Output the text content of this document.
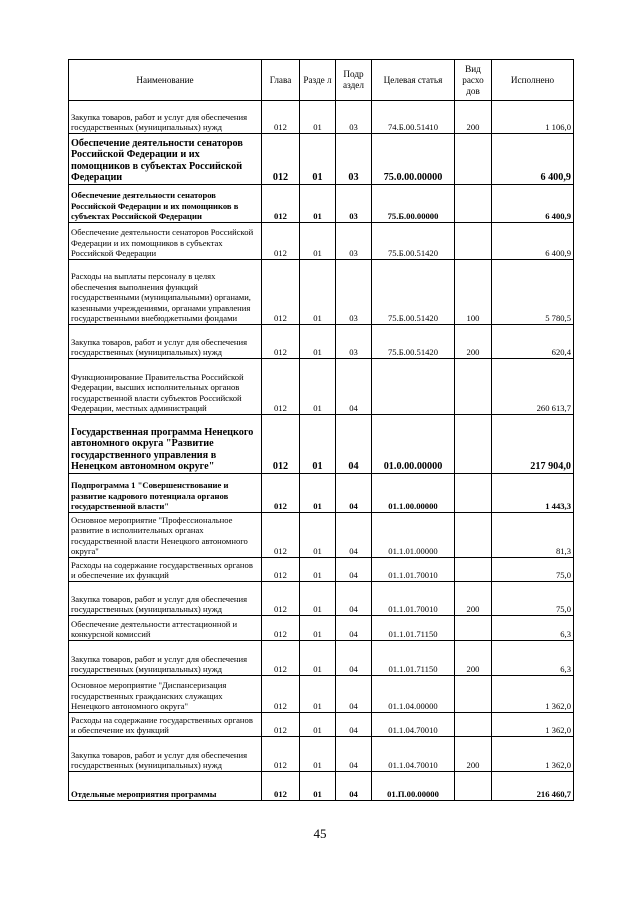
Наименование	Глава	Разде л	Подр аздел	Целевая статья	Вид расхо дов	Исполнено
Закупка товаров, работ и услуг для обеспечения государственных (муниципальных) нужд	012	01	03	74.Б.00.51410	200	1 106,0
Обеспечение деятельности сенаторов Российской Федерации и их помощников в субъектах Российской Федерации	012	01	03	75.0.00.00000		6 400,9
Обеспечение деятельности сенаторов Российской Федерации и их помощников в субъектах Российской Федерации	012	01	03	75.Б.00.00000		6 400,9
Обеспечение деятельности сенаторов Российской Федерации и их помощников в субъектах Российской Федерации	012	01	03	75.Б.00.51420		6 400,9
Расходы на выплаты персоналу в целях обеспечения выполнения функций государственными (муниципальными) органами, казенными учреждениями, органами управления государственными внебюджетными фондами	012	01	03	75.Б.00.51420	100	5 780,5
Закупка товаров, работ и услуг для обеспечения государственных (муниципальных) нужд	012	01	03	75.Б.00.51420	200	620,4
Функционирование Правительства Российской Федерации, высших исполнительных органов государственной власти субъектов Российской Федерации, местных администраций	012	01	04			260 613,7
Государственная программа Ненецкого автономного округа "Развитие государственного управления в Ненецком автономном округе"	012	01	04	01.0.00.00000		217 904,0
Подпрограмма 1 "Совершенствование и развитие кадрового потенциала органов государственной власти"	012	01	04	01.1.00.00000		1 443,3
Основное мероприятие "Профессиональное развитие в исполнительных органах государственной власти Ненецкого автономного округа"	012	01	04	01.1.01.00000		81,3
Расходы на содержание государственных органов и обеспечение их функций	012	01	04	01.1.01.70010		75,0
Закупка товаров, работ и услуг для обеспечения государственных (муниципальных) нужд	012	01	04	01.1.01.70010	200	75,0
Обеспечение деятельности аттестационной и конкурсной комиссий	012	01	04	01.1.01.71150		6,3
Закупка товаров, работ и услуг для обеспечения государственных (муниципальных) нужд	012	01	04	01.1.01.71150	200	6,3
Основное мероприятие "Диспансеризация государственных гражданских служащих Ненецкого автономного округа"	012	01	04	01.1.04.00000		1 362,0
Расходы на содержание государственных органов и обеспечение их функций	012	01	04	01.1.04.70010		1 362,0
Закупка товаров, работ и услуг для обеспечения государственных (муниципальных) нужд	012	01	04	01.1.04.70010	200	1 362,0
Отдельные мероприятия программы	012	01	04	01.П.00.00000		216 460,7
45
